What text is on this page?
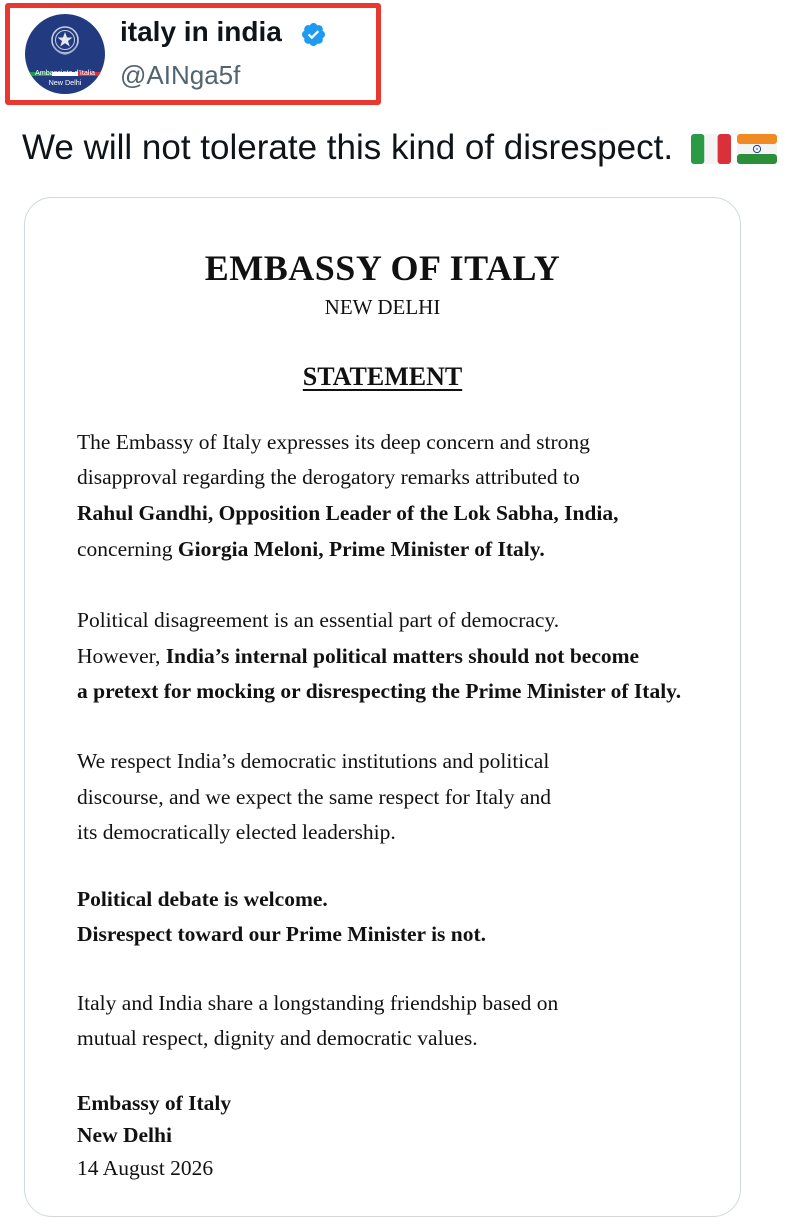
Ambasciata d'Italia
New Delhi
italy in india
@AINga5f
We will not tolerate this kind of disrespect.
EMBASSY OF ITALY
NEW DELHI
STATEMENT
The Embassy of Italy expresses its deep concern and strong
disapproval regarding the derogatory remarks attributed to
Rahul Gandhi, Opposition Leader of the Lok Sabha, India,
concerning Giorgia Meloni, Prime Minister of Italy.
Political disagreement is an essential part of democracy.
However, India’s internal political matters should not become
a pretext for mocking or disrespecting the Prime Minister of Italy.
We respect India’s democratic institutions and political
discourse, and we expect the same respect for Italy and
its democratically elected leadership.
Political debate is welcome.
Disrespect toward our Prime Minister is not.
Italy and India share a longstanding friendship based on
mutual respect, dignity and democratic values.
Embassy of Italy
New Delhi
14 August 2026
